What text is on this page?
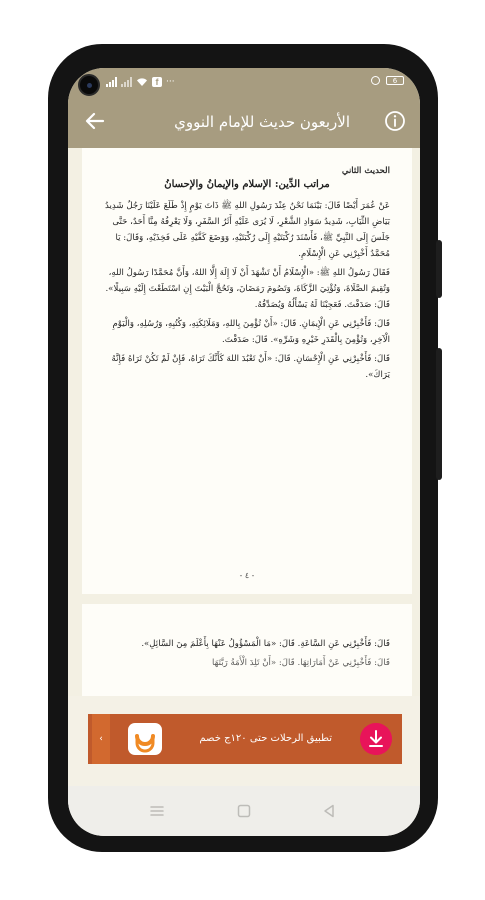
f ···	6
الأربعون حديث للإمام النووي
الحديث الثاني
مراتب الدِّين: الإسلام والإيمانُ والإحسانُ

عَنْ عُمَرَ أَيْضًا قَالَ: بَيْنَمَا نَحْنُ عِنْدَ رَسُولِ اللهِ ﷺ ذَاتَ يَوْمٍ إِذْ طَلَعَ عَلَيْنَا رَجُلٌ شَدِيدُ بَيَاضِ الثِّيَابِ، شَدِيدُ سَوَادِ الشَّعْرِ، لَا يُرَى عَلَيْهِ أَثَرُ السَّفَرِ، وَلَا يَعْرِفُهُ مِنَّا أَحَدٌ، حَتَّى جَلَسَ إِلَى النَّبِيِّ ﷺ، فَأَسْنَدَ رُكْبَتَيْهِ إِلَى رُكْبَتَيْهِ، وَوَضَعَ كَفَّيْهِ عَلَى فَخِذَيْهِ، وَقَالَ: يَا مُحَمَّدُ أَخْبِرْنِي عَنِ الْإِسْلَامِ.

فَقَالَ رَسُولُ اللهِ ﷺ: «الْإِسْلَامُ أَنْ تَشْهَدَ أَنْ لَا إِلَهَ إِلَّا اللهُ، وَأَنَّ مُحَمَّدًا رَسُولُ اللهِ، وَتُقِيمَ الصَّلَاةَ، وَتُؤْتِيَ الزَّكَاةَ، وَتَصُومَ رَمَضَانَ، وَتَحُجَّ الْبَيْتَ إِنِ اسْتَطَعْتَ إِلَيْهِ سَبِيلًا». قَالَ: صَدَقْتَ. فَعَجِبْنَا لَهُ يَسْأَلُهُ وَيُصَدِّقُهُ.

قَالَ: فَأَخْبِرْنِي عَنِ الْإِيمَانِ. قَالَ: «أَنْ تُؤْمِنَ بِاللهِ، وَمَلَائِكَتِهِ، وَكُتُبِهِ، وَرُسُلِهِ، وَالْيَوْمِ الْآخِرِ، وَتُؤْمِنَ بِالْقَدَرِ خَيْرِهِ وَشَرِّهِ». قَالَ: صَدَقْتَ.

قَالَ: فَأَخْبِرْنِي عَنِ الْإِحْسَانِ. قَالَ: «أَنْ تَعْبُدَ اللهَ كَأَنَّكَ تَرَاهُ، فَإِنْ لَمْ تَكُنْ تَرَاهُ فَإِنَّهُ يَرَاكَ».

- ٤ -

قَالَ: فَأَخْبِرْنِي عَنِ السَّاعَةِ. قَالَ: «مَا الْمَسْؤُولُ عَنْهَا بِأَعْلَمَ مِنَ السَّائِلِ».

قَالَ: فَأَخْبِرْنِي عَنْ أَمَارَاتِهَا. قَالَ: «أَنْ تَلِدَ الْأَمَةُ رَبَّتَهَا

‹	تطبيق الرحلات حتى ١٢٠ج خصم
